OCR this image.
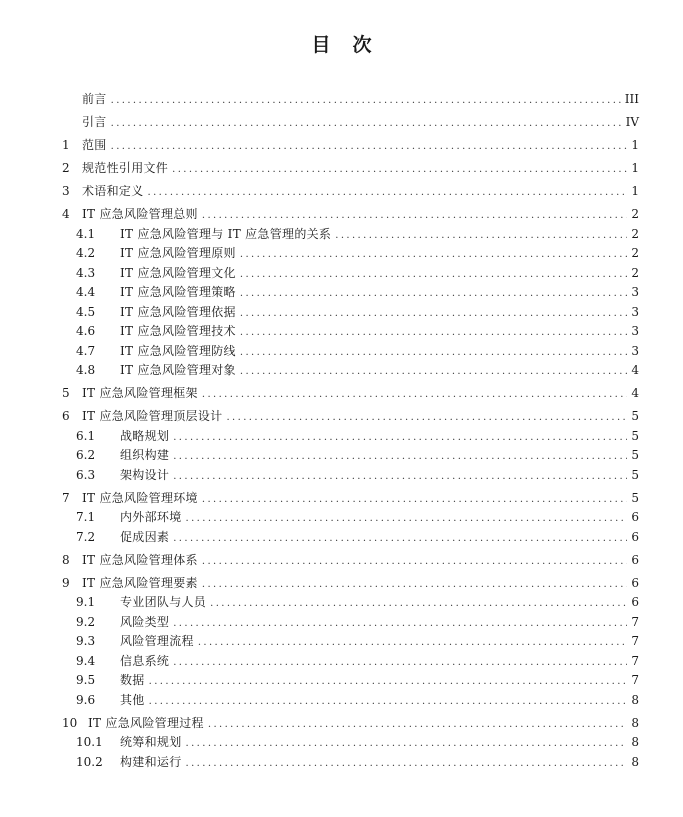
目 次
前言 .....	III
引言 .....	IV
1	范围 .....	1
2	规范性引用文件 .....	1
3	术语和定义 .....	1
4	IT 应急风险管理总则 .....	2
4.1	IT 应急风险管理与 IT 应急管理的关系 .....	2
4.2	IT 应急风险管理原则 .....	2
4.3	IT 应急风险管理文化 .....	2
4.4	IT 应急风险管理策略 .....	3
4.5	IT 应急风险管理依据 .....	3
4.6	IT 应急风险管理技术 .....	3
4.7	IT 应急风险管理防线 .....	3
4.8	IT 应急风险管理对象 .....	4
5	IT 应急风险管理框架 .....	4
6	IT 应急风险管理顶层设计 .....	5
6.1	战略规划 .....	5
6.2	组织构建 .....	5
6.3	架构设计 .....	5
7	IT 应急风险管理环境 .....	5
7.1	内外部环境 .....	6
7.2	促成因素 .....	6
8	IT 应急风险管理体系 .....	6
9	IT 应急风险管理要素 .....	6
9.1	专业团队与人员 .....	6
9.2	风险类型 .....	7
9.3	风险管理流程 .....	7
9.4	信息系统 .....	7
9.5	数据 .....	7
9.6	其他 .....	8
10 IT 应急风险管理过程 .....	8
10.1	统筹和规划 .....	8
10.2	构建和运行 .....	8
